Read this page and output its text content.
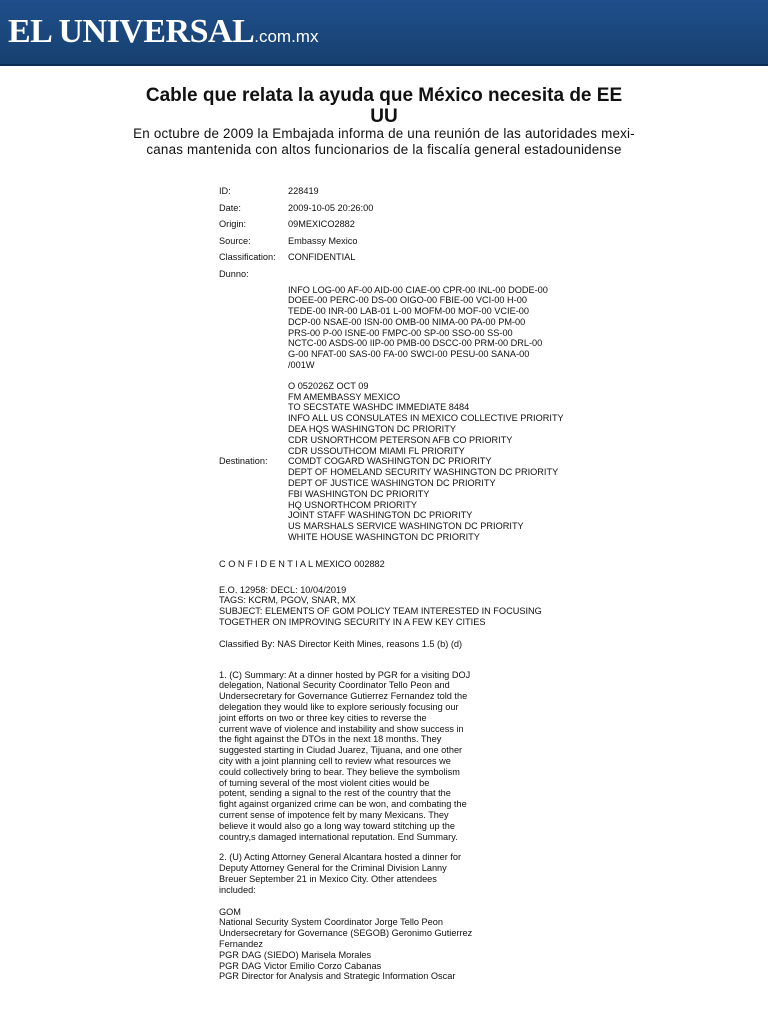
EL UNIVERSAL.com.mx
Cable que relata la ayuda que México necesita de EE UU

En octubre de 2009 la Embajada informa de una reunión de las autoridades mexi-canas mantenida con altos funcionarios de la fiscalía general estadounidense

ID:	228419
Date:	2009-10-05 20:26:00
Origin:	09MEXICO2882
Source:	Embassy Mexico
Classification:	CONFIDENTIAL
Dunno:
INFO LOG-00 AF-00 AID-00 CIAE-00 CPR-00 INL-00 DODE-00
DOEE-00 PERC-00 DS-00 OIGO-00 FBIE-00 VCI-00 H-00
TEDE-00 INR-00 LAB-01 L-00 MOFM-00 MOF-00 VCIE-00
DCP-00 NSAE-00 ISN-00 OMB-00 NIMA-00 PA-00 PM-00
PRS-00 P-00 ISNE-00 FMPC-00 SP-00 SSO-00 SS-00
NCTC-00 ASDS-00 IIP-00 PMB-00 DSCC-00 PRM-00 DRL-00
G-00 NFAT-00 SAS-00 FA-00 SWCI-00 PESU-00 SANA-00
/001W
Destination:
O 052026Z OCT 09
FM AMEMBASSY MEXICO
TO SECSTATE WASHDC IMMEDIATE 8484
INFO ALL US CONSULATES IN MEXICO COLLECTIVE PRIORITY
DEA HQS WASHINGTON DC PRIORITY
CDR USNORTHCOM PETERSON AFB CO PRIORITY
CDR USSOUTHCOM MIAMI FL PRIORITY
COMDT COGARD WASHINGTON DC PRIORITY
DEPT OF HOMELAND SECURITY WASHINGTON DC PRIORITY
DEPT OF JUSTICE WASHINGTON DC PRIORITY
FBI WASHINGTON DC PRIORITY
HQ USNORTHCOM PRIORITY
JOINT STAFF WASHINGTON DC PRIORITY
US MARSHALS SERVICE WASHINGTON DC PRIORITY
WHITE HOUSE WASHINGTON DC PRIORITY
C O N F I D E N T I A L MEXICO 002882
E.O. 12958: DECL: 10/04/2019
TAGS: KCRM, PGOV, SNAR, MX
SUBJECT: ELEMENTS OF GOM POLICY TEAM INTERESTED IN FOCUSING
TOGETHER ON IMPROVING SECURITY IN A FEW KEY CITIES
Classified By: NAS Director Keith Mines, reasons 1.5 (b) (d)
1. (C) Summary: At a dinner hosted by PGR for a visiting DOJ
delegation, National Security Coordinator Tello Peon and
Undersecretary for Governance Gutierrez Fernandez told the
delegation they would like to explore seriously focusing our
joint efforts on two or three key cities to reverse the
current wave of violence and instability and show success in
the fight against the DTOs in the next 18 months. They
suggested starting in Ciudad Juarez, Tijuana, and one other
city with a joint planning cell to review what resources we
could collectively bring to bear. They believe the symbolism
of turning several of the most violent cities would be
potent, sending a signal to the rest of the country that the
fight against organized crime can be won, and combating the
current sense of impotence felt by many Mexicans. They
believe it would also go a long way toward stitching up the
country,s damaged international reputation. End Summary.
2. (U) Acting Attorney General Alcantara hosted a dinner for
Deputy Attorney General for the Criminal Division Lanny
Breuer September 21 in Mexico City. Other attendees
included:
GOM
National Security System Coordinator Jorge Tello Peon
Undersecretary for Governance (SEGOB) Geronimo Gutierrez
Fernandez
PGR DAG (SIEDO) Marisela Morales
PGR DAG Victor Emilio Corzo Cabanas
PGR Director for Analysis and Strategic Information Oscar
